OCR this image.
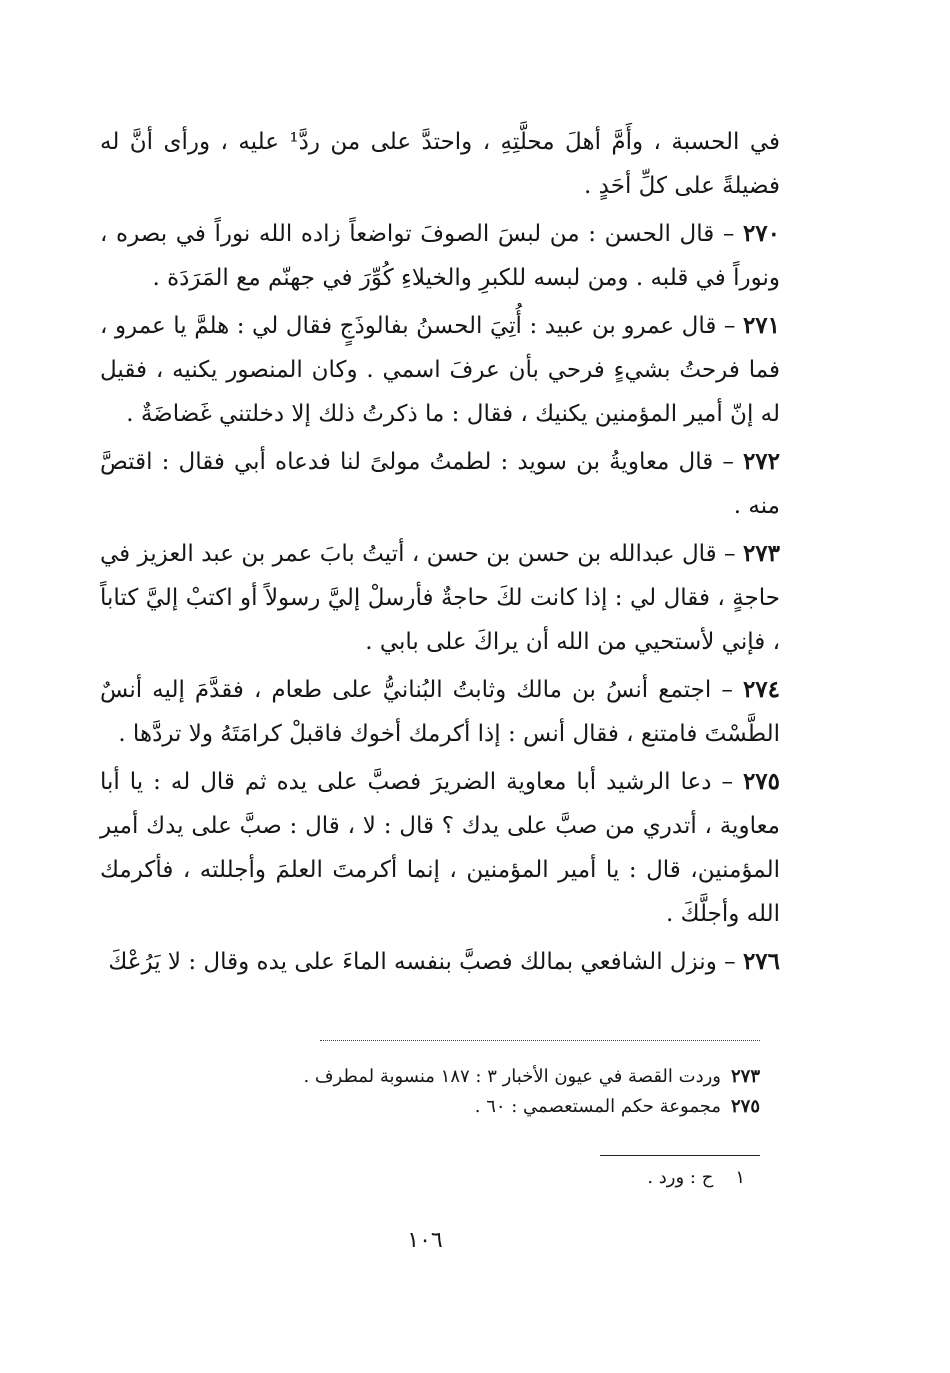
في الحسبة ، وأَمَّ أهلَ محلَّتِهِ ، واحتدَّ على من ردَّ¹ عليه ، ورأى أنَّ له فضيلةً على كلِّ أحَدٍ .

٢٧٠ – قال الحسن : من لبسَ الصوفَ تواضعاً زاده الله نوراً في بصره ، ونوراً في قلبه . ومن لبسه للكبرِ والخيلاءِ كُوِّرَ في جهنّم مع المَرَدَة .

٢٧١ – قال عمرو بن عبيد : أُتِيَ الحسنُ بفالوذَجٍ فقال لي : هلمَّ يا عمرو ، فما فرحتُ بشيءٍ فرحي بأن عرفَ اسمي . وكان المنصور يكنيه ، فقيل له إنّ أمير المؤمنين يكنيك ، فقال : ما ذكرتُ ذلك إلا دخلتني غَضاضَةٌ .

٢٧٢ – قال معاويةُ بن سويد : لطمتُ مولىً لنا فدعاه أبي فقال : اقتصَّ منه .

٢٧٣ – قال عبدالله بن حسن بن حسن ، أتيتُ بابَ عمر بن عبد العزيز في حاجةٍ ، فقال لي : إذا كانت لكَ حاجةٌ فأرسلْ إليَّ رسولاً أو اكتبْ إليَّ كتاباً ، فإني لأستحيي من الله أن يراكَ على بابي .

٢٧٤ – اجتمع أنسُ بن مالك وثابتُ البُنانيُّ على طعام ، فقدَّمَ إليه أنسٌ الطَّسْتَ فامتنع ، فقال أنس : إذا أكرمك أخوك فاقبلْ كرامَتَهُ ولا تردَّها .

٢٧٥ – دعا الرشيد أبا معاوية الضريرَ فصبَّ على يده ثم قال له : يا أبا معاوية ، أتدري من صبَّ على يدك ؟ قال : لا ، قال : صبَّ على يدك أمير المؤمنين، قال : يا أمير المؤمنين ، إنما أكرمتَ العلمَ وأجللته ، فأكرمك الله وأجلَّكَ .

٢٧٦ – ونزل الشافعي بمالك فصبَّ بنفسه الماءَ على يده وقال : لا يَرُعْكَ

٢٧٣وردت القصة في عيون الأخبار ٣ : ١٨٧ منسوبة لمطرف .
٢٧٥مجموعة حكم المستعصمي : ٦٠ .
١ح : ورد .
١٠٦
